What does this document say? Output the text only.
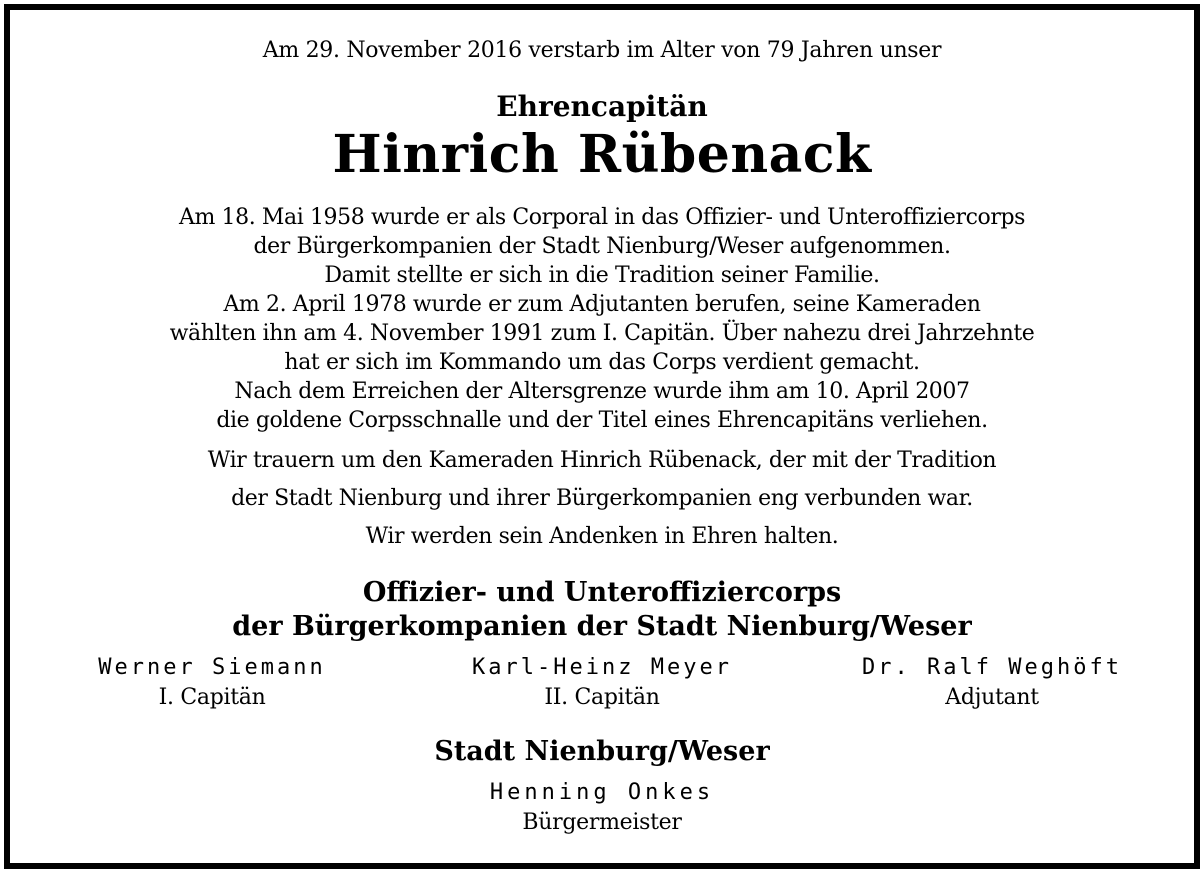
Am 29. November 2016 verstarb im Alter von 79 Jahren unser
Ehrencapitän
Hinrich Rübenack
Am 18. Mai 1958 wurde er als Corporal in das Offizier- und Unteroffiziercorps
der Bürgerkompanien der Stadt Nienburg/Weser aufgenommen.
Damit stellte er sich in die Tradition seiner Familie.
Am 2. April 1978 wurde er zum Adjutanten berufen, seine Kameraden
wählten ihn am 4. November 1991 zum I. Capitän. Über nahezu drei Jahrzehnte
hat er sich im Kommando um das Corps verdient gemacht.
Nach dem Erreichen der Altersgrenze wurde ihm am 10. April 2007
die goldene Corpsschnalle und der Titel eines Ehrencapitäns verliehen.
Wir trauern um den Kameraden Hinrich Rübenack, der mit der Tradition
der Stadt Nienburg und ihrer Bürgerkompanien eng verbunden war.
Wir werden sein Andenken in Ehren halten.
Offizier- und Unteroffiziercorps
der Bürgerkompanien der Stadt Nienburg/Weser
Werner Siemann
I. Capitän
Karl-Heinz Meyer
II. Capitän
Dr. Ralf Weghöft
Adjutant
Stadt Nienburg/Weser
Henning Onkes
Bürgermeister
